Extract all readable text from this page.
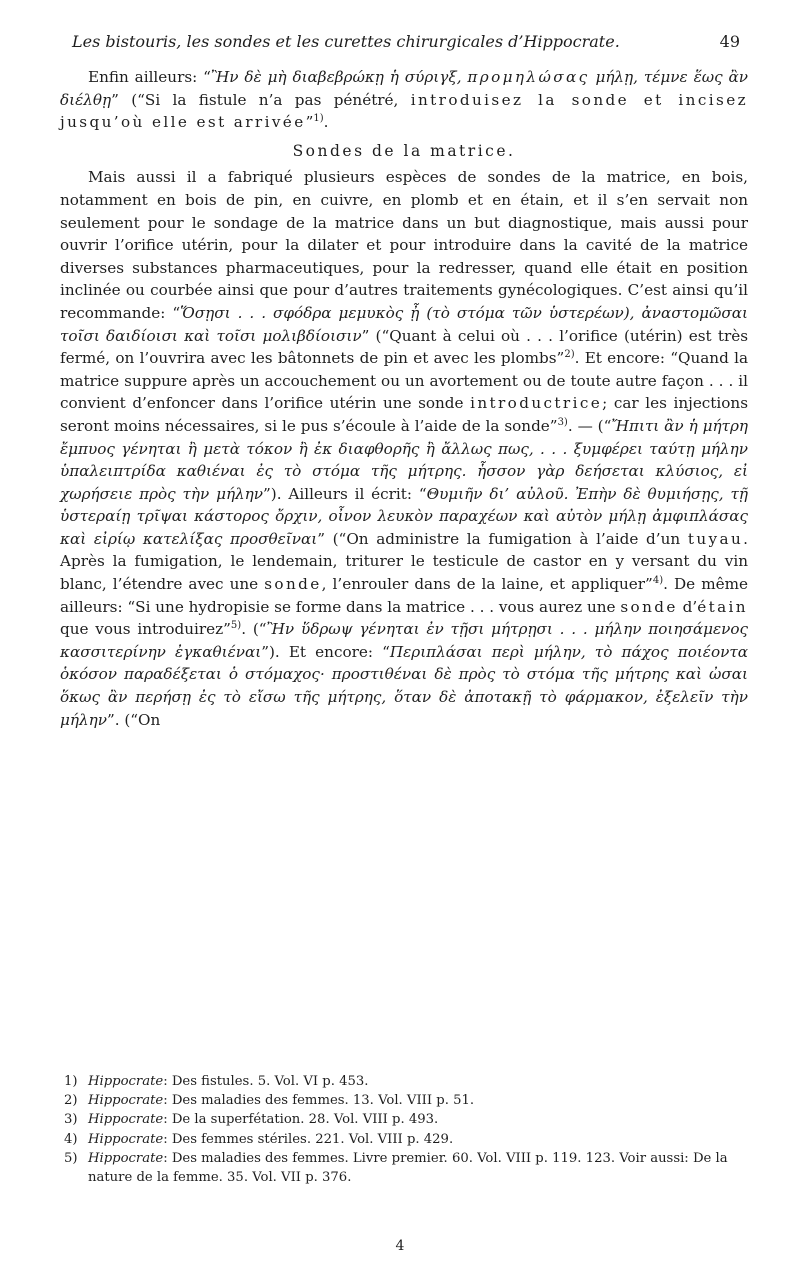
Les bistouris, les sondes et les curettes chirurgicales d’Hippocrate.	49

Enfin ailleurs: “Ἢν δὲ μὴ διαβεβρώκῃ ἡ σύριγξ, προμηλώσας μήλῃ, τέμνε ἕως ἂν διέλθῃ” (“Si la fistule n’a pas pénétré, introduisez la sonde et incisez jusqu’où elle est arrivée”$^{1)}$.

Sondes de la matrice.

Mais aussi il a fabriqué plusieurs espèces de sondes de la matrice, en bois, notamment en bois de pin, en cuivre, en plomb et en étain, et il s’en servait non seulement pour le sondage de la matrice dans un but diagnostique, mais aussi pour ouvrir l’orifice utérin, pour la dilater et pour introduire dans la cavité de la matrice diverses substances pharmaceutiques, pour la redresser, quand elle était en position inclinée ou courbée ainsi que pour d’autres traitements gynécologiques. C’est ainsi qu’il recommande: “Ὅσῃσι . . . σφόδρα μεμυκὸς ᾖ (τὸ στόμα τῶν ὑστερέων), ἀναστομῶσαι τοῖσι δαιδίοισι καὶ τοῖσι μολιβδίοισιν” (“Quant à celui où . . . l’orifice (utérin) est très fermé, on l’ouvrira avec les bâtonnets de pin et avec les plombs”$^{2)}$. Et encore: “Quand la matrice suppure après un accouchement ou un avortement ou de toute autre façon . . . il convient d’enfoncer dans l’orifice utérin une sonde introductrice; car les injections seront moins nécessaires, si le pus s’écoule à l’aide de la sonde”$^{3)}$. — (“Ἤπιτι ἂν ἡ μήτρη ἔμπυος γένηται ἢ μετὰ τόκον ἢ ἐκ διαφθορῆς ἢ ἄλλως πως, . . . ξυμφέρει ταύτῃ μήλην ὑπαλειπτρίδα καθιέναι ἐς τὸ στόμα τῆς μήτρης. ἧσσον γὰρ δεήσεται κλύσιος, εἰ χωρήσειε πρὸς τὴν μήλην”). Ailleurs il écrit: “Θυμιῆν δι’ αὐλοῦ. Ἐπὴν δὲ θυμιήσῃς, τῇ ὑστεραίῃ τρῖψαι κάστορος ὄρχιν, οἶνον λευκὸν παραχέων καὶ αὐτὸν μήλῃ ἀμφιπλάσας καὶ εἰρίῳ κατελίξας προσθεῖναι” (“On administre la fumigation à l’aide d’un tuyau. Après la fumigation, le lendemain, triturer le testicule de castor en y versant du vin blanc, l’étendre avec une sonde, l’enrouler dans de la laine, et appliquer”$^{4)}$. De même ailleurs: “Si une hydropisie se forme dans la matrice . . . vous aurez une sonde d’étain que vous introduirez”$^{5)}$. (“Ἢν ὕδρωψ γένηται ἐν τῇσι μήτρῃσι . . . μήλην ποιησάμενος κασσιτερίνην ἐγκαθιέναι”). Et encore: “Περιπλάσαι περὶ μήλην, τὸ πάχος ποιέοντα ὁκόσον παραδέξεται ὁ στόμαχος· προστιθέναι δὲ πρὸς τὸ στόμα τῆς μήτρης καὶ ὠσαι ὅκως ἂν περήσῃ ἐς τὸ εἴσω τῆς μήτρης, ὅταν δὲ ἀποτακῇ τὸ φάρμακον, ἐξελεῖν τὴν μήλην”. (“On

1) Hippocrate: Des fistules. 5. Vol. VI p. 453.
2) Hippocrate: Des maladies des femmes. 13. Vol. VIII p. 51.
3) Hippocrate: De la superfétation. 28. Vol. VIII p. 493.
4) Hippocrate: Des femmes stériles. 221. Vol. VIII p. 429.
5) Hippocrate: Des maladies des femmes. Livre premier. 60. Vol. VIII p. 119. 123. Voir aussi: De la nature de la femme. 35. Vol. VII p. 376.
4
